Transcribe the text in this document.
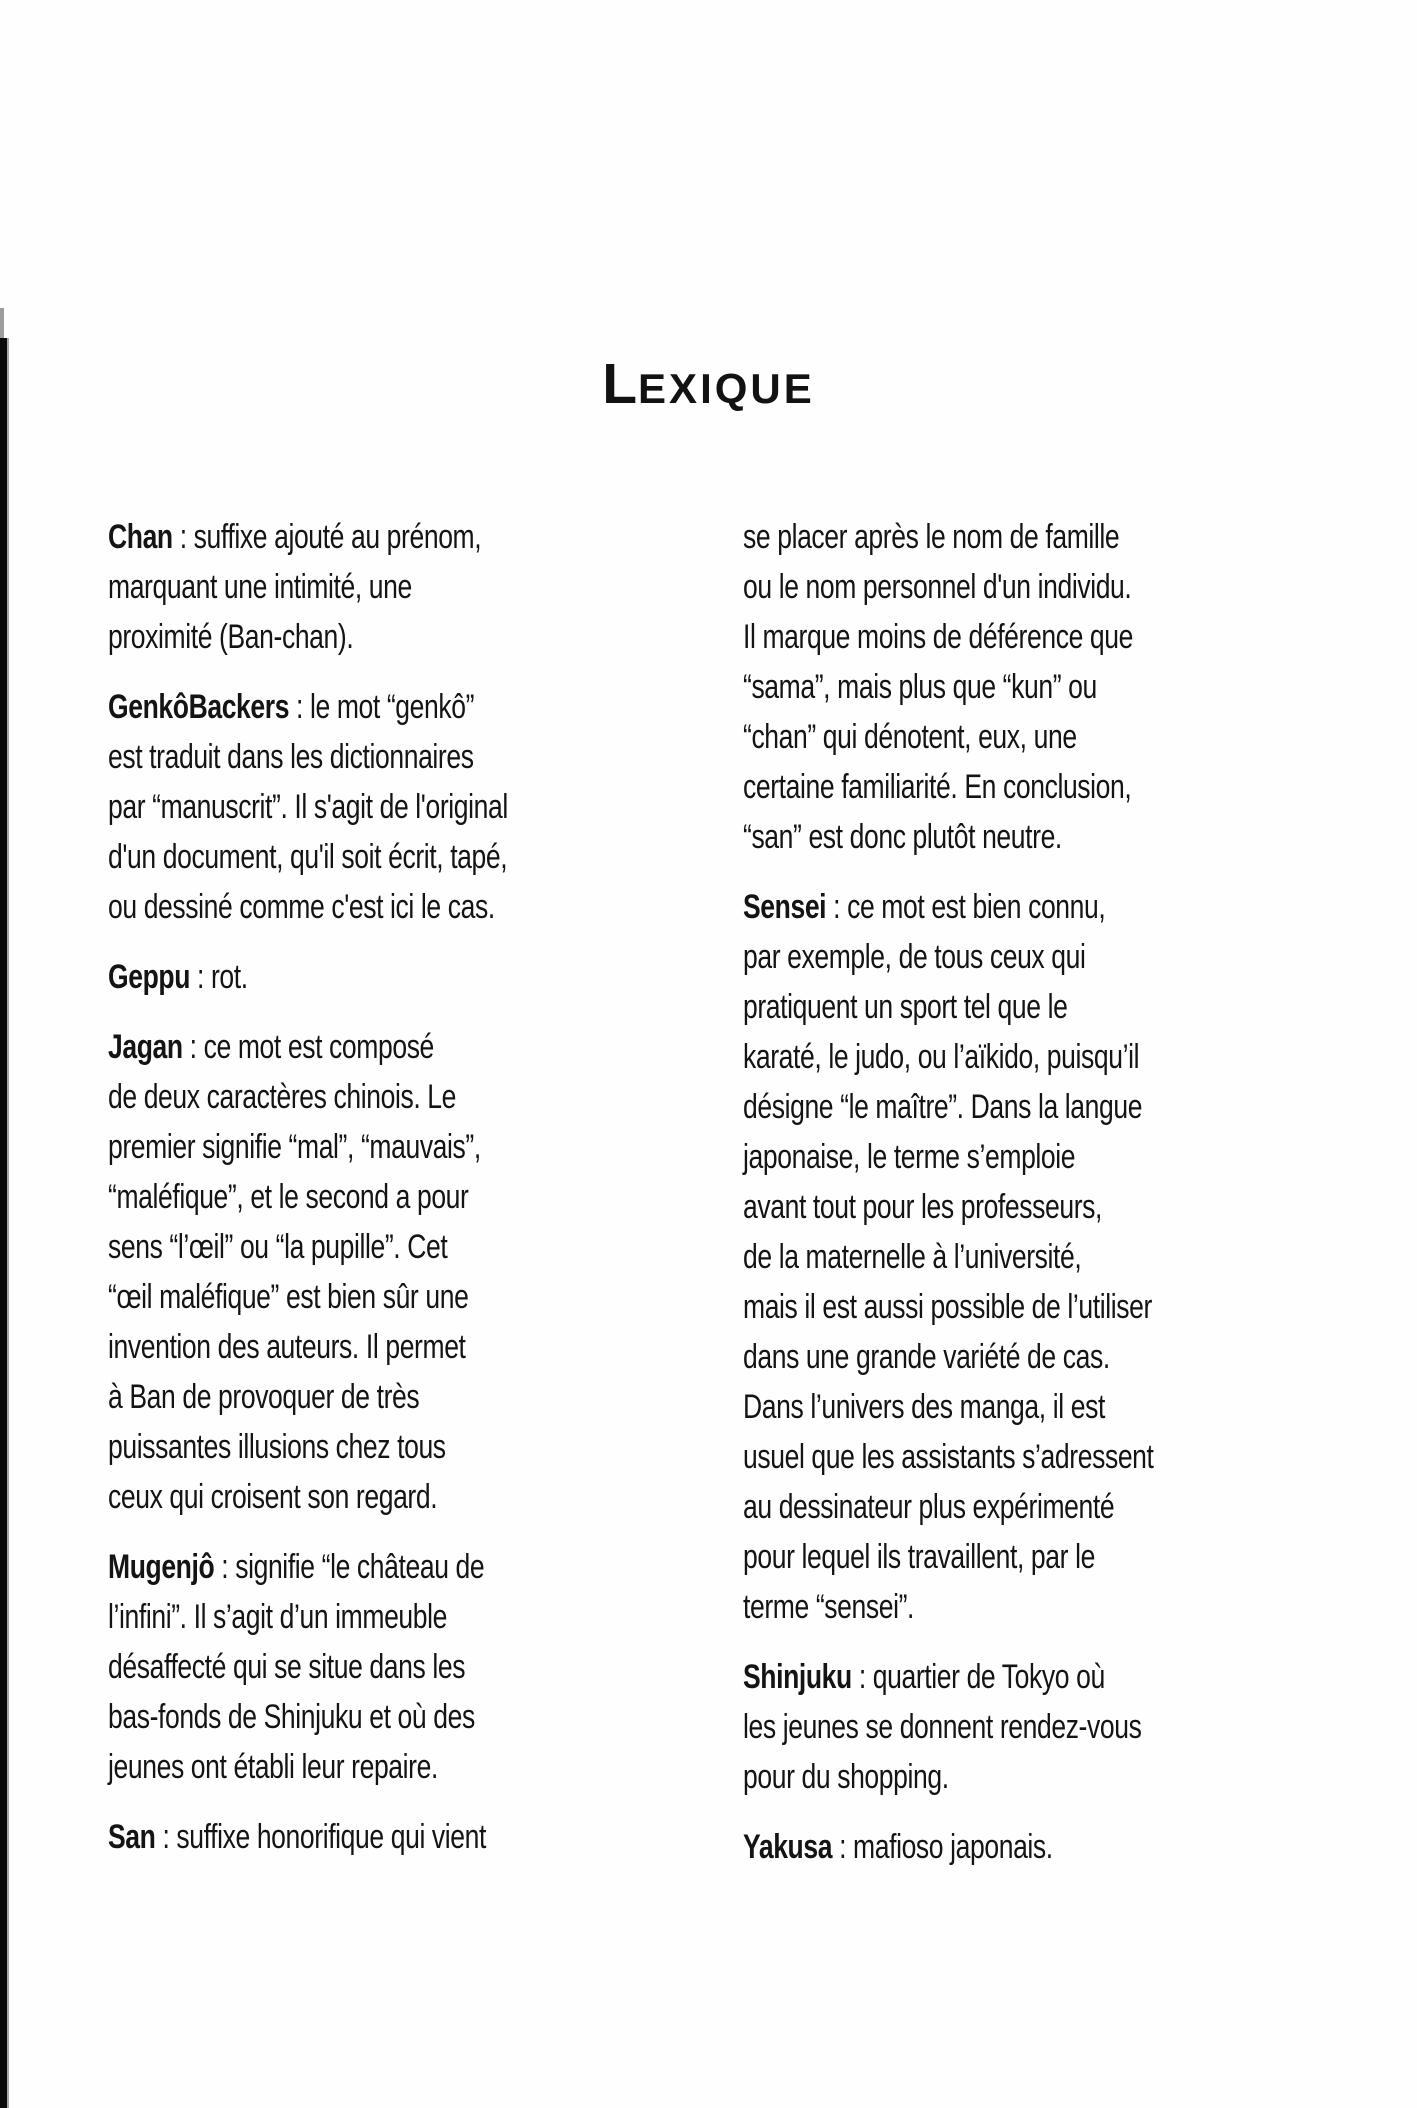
LEXIQUE
Chan : suffixe ajouté au prénom,
marquant une intimité, une
proximité (Ban-chan).
GenkôBackers : le mot “genkô”
est traduit dans les dictionnaires
par “manuscrit”. Il s'agit de l'original
d'un document, qu'il soit écrit, tapé,
ou dessiné comme c'est ici le cas.
Geppu : rot.
Jagan : ce mot est composé
de deux caractères chinois. Le
premier signifie “mal”, “mauvais”,
“maléfique”, et le second a pour
sens “l’œil” ou “la pupille”. Cet
“œil maléfique” est bien sûr une
invention des auteurs. Il permet
à Ban de provoquer de très
puissantes illusions chez tous
ceux qui croisent son regard.
Mugenjô : signifie “le château de
l’infini”. Il s’agit d’un immeuble
désaffecté qui se situe dans les
bas-fonds de Shinjuku et où des
jeunes ont établi leur repaire.
San : suffixe honorifique qui vient
se placer après le nom de famille
ou le nom personnel d'un individu.
Il marque moins de déférence que
“sama”, mais plus que “kun” ou
“chan” qui dénotent, eux, une
certaine familiarité. En conclusion,
“san” est donc plutôt neutre.
Sensei : ce mot est bien connu,
par exemple, de tous ceux qui
pratiquent un sport tel que le
karaté, le judo, ou l’aïkido, puisqu’il
désigne “le maître”. Dans la langue
japonaise, le terme s’emploie
avant tout pour les professeurs,
de la maternelle à l’université,
mais il est aussi possible de l’utiliser
dans une grande variété de cas.
Dans l’univers des manga, il est
usuel que les assistants s’adressent
au dessinateur plus expérimenté
pour lequel ils travaillent, par le
terme “sensei”.
Shinjuku : quartier de Tokyo où
les jeunes se donnent rendez-vous
pour du shopping.
Yakusa : mafioso japonais.
